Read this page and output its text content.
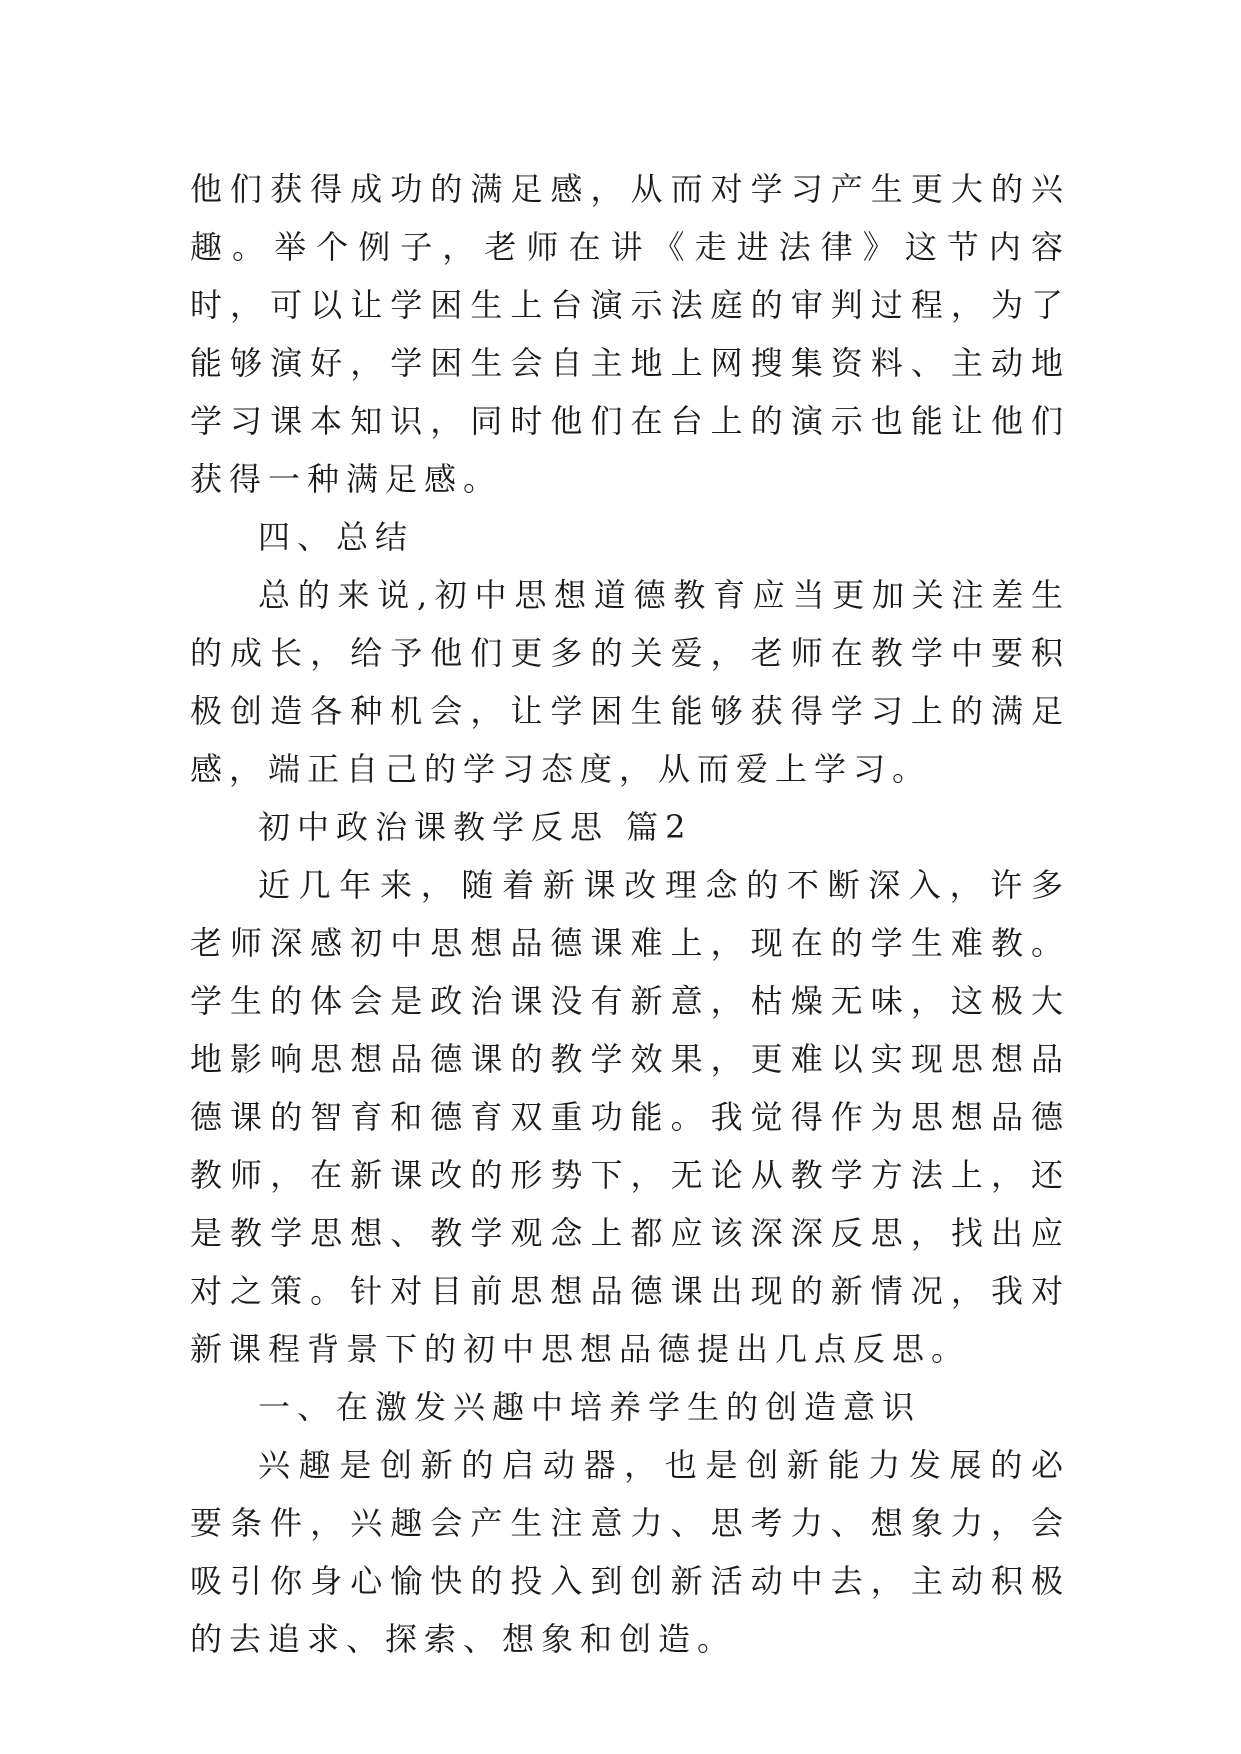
他们获得成功的满足感，从而对学习产生更大的兴趣。举个例子，老师在讲《走进法律》这节内容时，可以让学困生上台演示法庭的审判过程，为了能够演好，学困生会自主地上网搜集资料、主动地学习课本知识，同时他们在台上的演示也能让他们获得一种满足感。

四、总结

总的来说,初中思想道德教育应当更加关注差生的成长，给予他们更多的关爱，老师在教学中要积极创造各种机会，让学困生能够获得学习上的满足感，端正自己的学习态度，从而爱上学习。

初中政治课教学反思 篇2

近几年来，随着新课改理念的不断深入，许多老师深感初中思想品德课难上，现在的学生难教。学生的体会是政治课没有新意，枯燥无味，这极大地影响思想品德课的教学效果，更难以实现思想品德课的智育和德育双重功能。我觉得作为思想品德教师，在新课改的形势下，无论从教学方法上，还是教学思想、教学观念上都应该深深反思，找出应对之策。针对目前思想品德课出现的新情况，我对新课程背景下的初中思想品德提出几点反思。

一、在激发兴趣中培养学生的创造意识

兴趣是创新的启动器，也是创新能力发展的必要条件，兴趣会产生注意力、思考力、想象力，会吸引你身心愉快的投入到创新活动中去，主动积极的去追求、探索、想象和创造。
